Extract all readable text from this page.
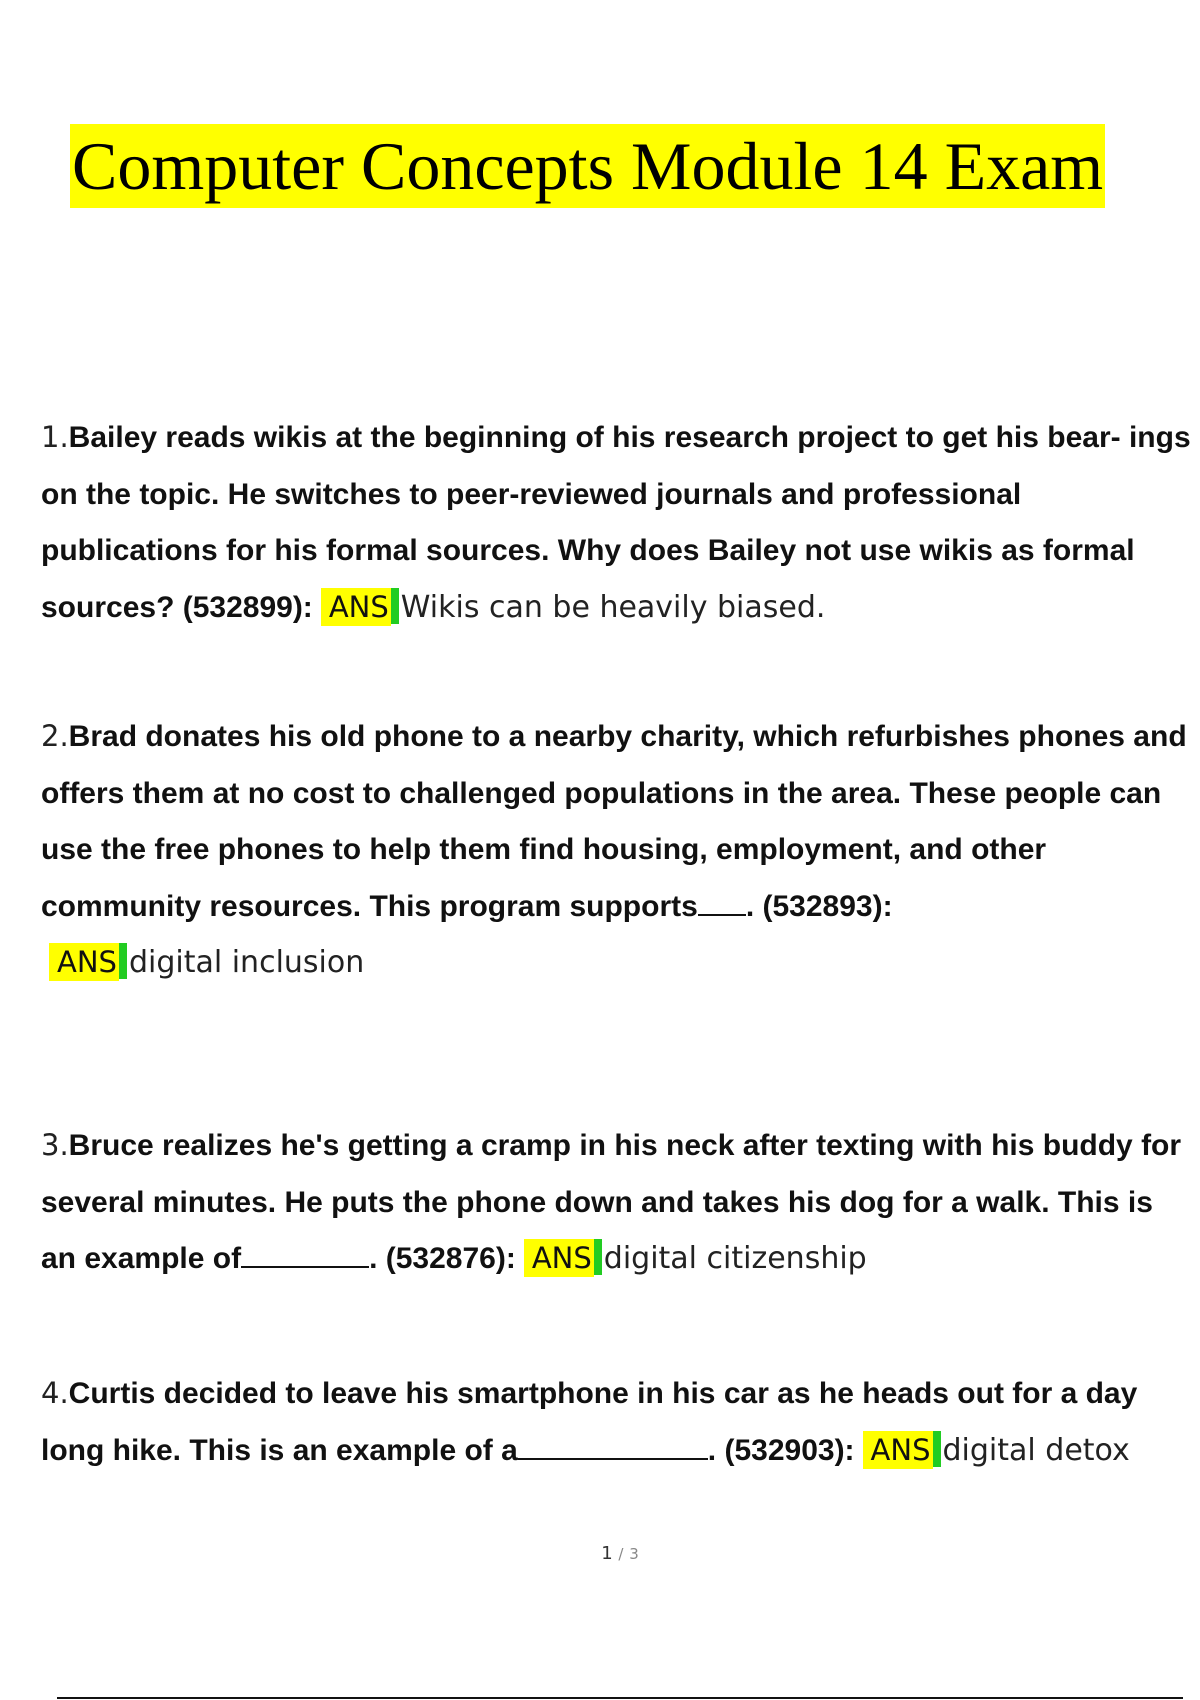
Computer Concepts Module 14 Exam

1.Bailey reads wikis at the beginning of his research project to get his bear- ings on the topic. He switches to peer-reviewed journals and professional publications for his formal sources. Why does Bailey not use wikis as formal sources? (532899): ANS Wikis can be heavily biased.

2.Brad donates his old phone to a nearby charity, which refurbishes phones and offers them at no cost to challenged populations in the area. These people can use the free phones to help them find housing, employment, and other community resources. This program supports . (532893):ANS digital inclusion

3.Bruce realizes he's getting a cramp in his neck after texting with his buddy for several minutes. He puts the phone down and takes his dog for a walk. This is an example of	. (532876): ANS digital citizenship

4.Curtis decided to leave his smartphone in his car as he heads out for a day long hike. This is an example of a	. (532903): ANS digital detox

1 / 3
